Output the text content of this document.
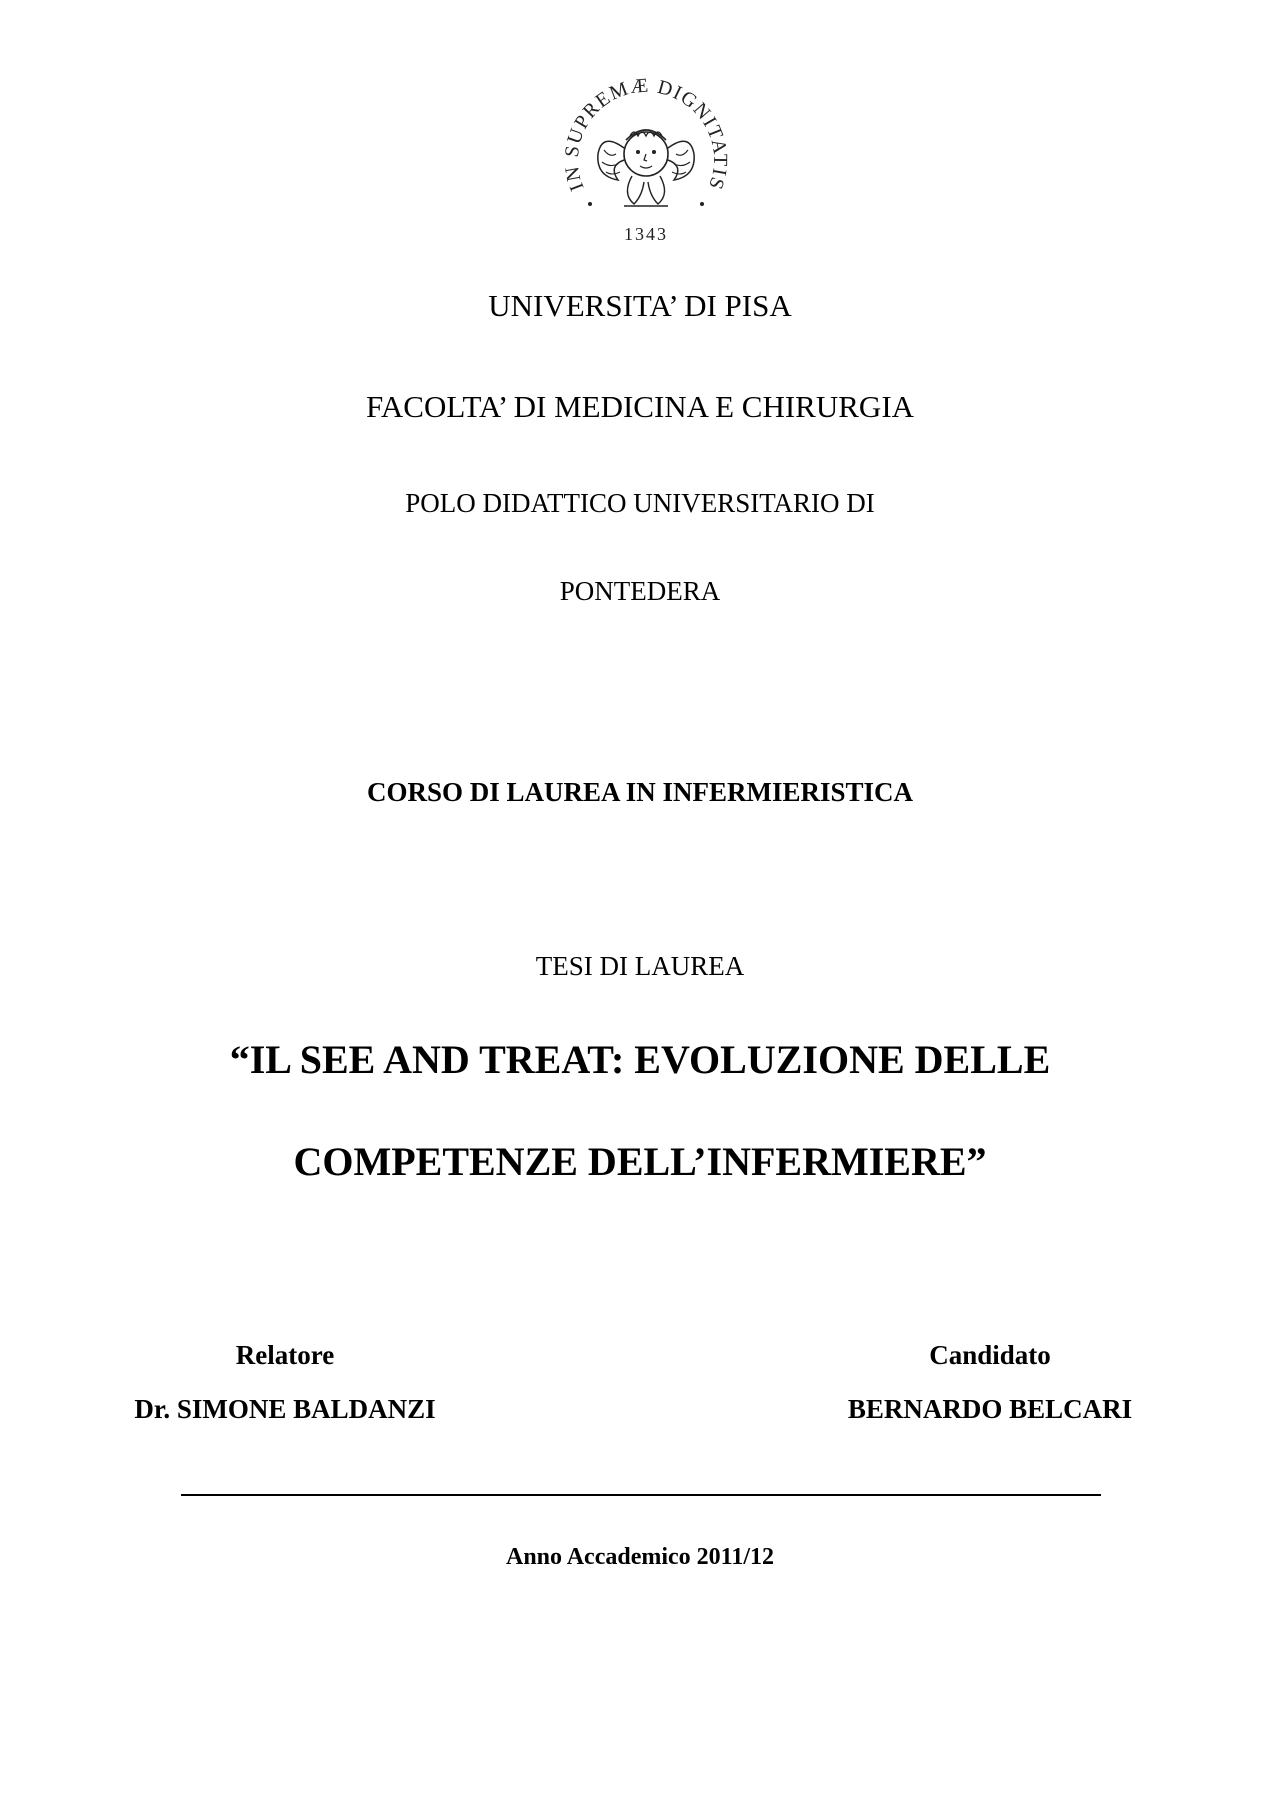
IN SUPREMÆ DIGNITATIS
1343
UNIVERSITA’ DI PISA
FACOLTA’ DI MEDICINA E CHIRURGIA
POLO DIDATTICO UNIVERSITARIO DI
PONTEDERA
CORSO DI LAUREA IN INFERMIERISTICA
TESI DI LAUREA
“IL SEE AND TREAT: EVOLUZIONE DELLE
COMPETENZE DELL’INFERMIERE”
Relatore
Dr. SIMONE BALDANZI
Candidato
BERNARDO BELCARI
Anno Accademico 2011/12
